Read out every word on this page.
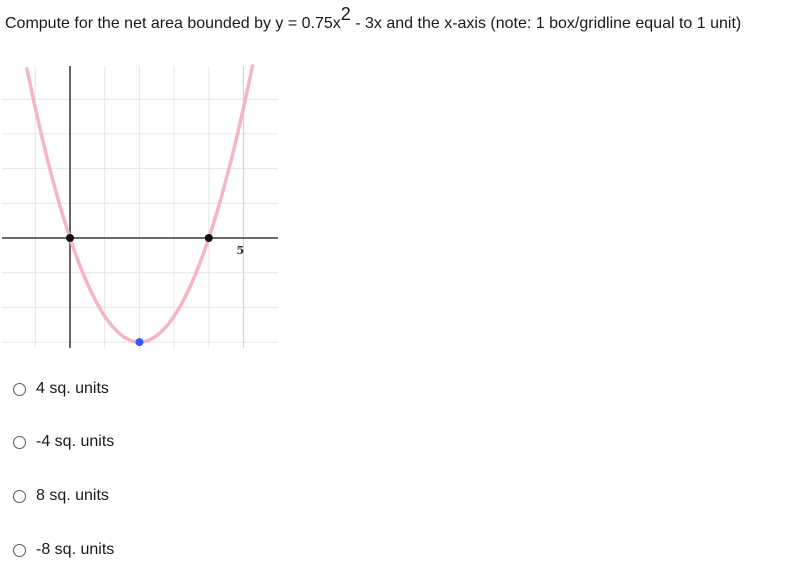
Compute for the net area bounded by $y = 0.75x^2 - 3x$ and the x-axis (note: 1 box/gridline equal to 1 unit)
5
4 sq. units
-4 sq. units
8 sq. units
-8 sq. units
